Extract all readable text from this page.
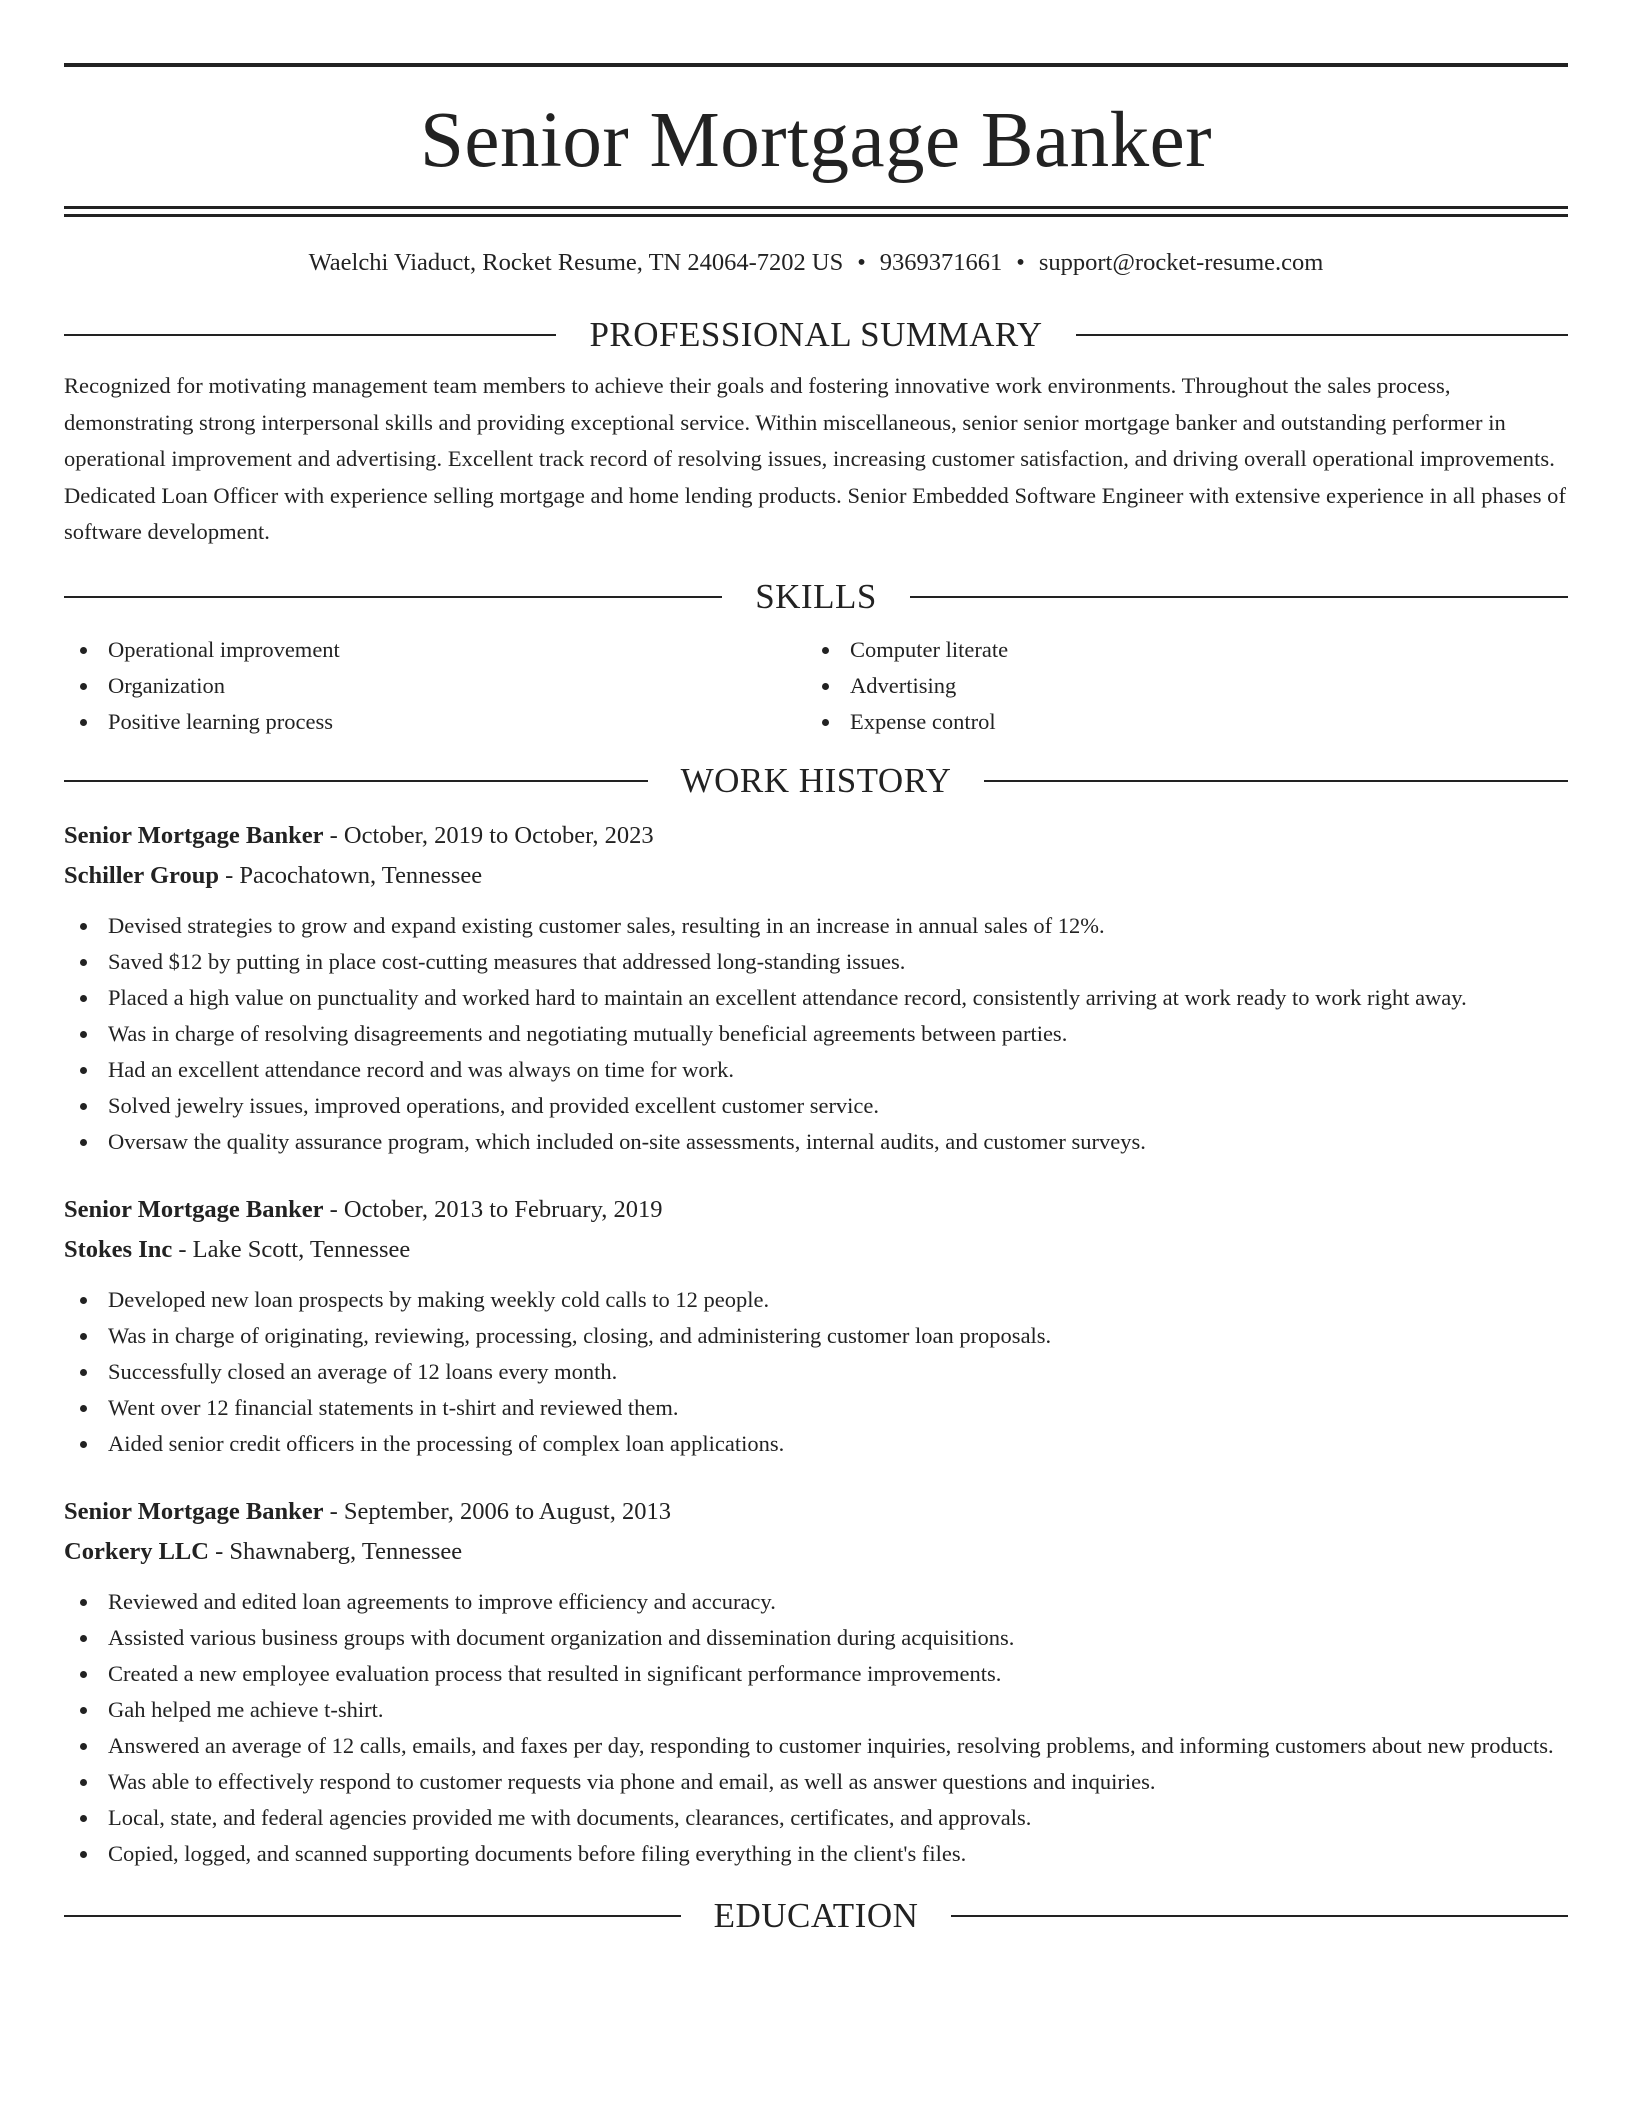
Senior Mortgage Banker
Waelchi Viaduct, Rocket Resume, TN 24064-7202 US • 9369371661 • support@rocket-resume.com
PROFESSIONAL SUMMARY
Recognized for motivating management team members to achieve their goals and fostering innovative work environments. Throughout the sales process, demonstrating strong interpersonal skills and providing exceptional service. Within miscellaneous, senior senior mortgage banker and outstanding performer in operational improvement and advertising. Excellent track record of resolving issues, increasing customer satisfaction, and driving overall operational improvements. Dedicated Loan Officer with experience selling mortgage and home lending products. Senior Embedded Software Engineer with extensive experience in all phases of software development.
SKILLS
Operational improvement
Organization
Positive learning process
Computer literate
Advertising
Expense control
WORK HISTORY
Senior Mortgage Banker - October, 2019 to October, 2023
Schiller Group - Pacochatown, Tennessee
Devised strategies to grow and expand existing customer sales, resulting in an increase in annual sales of 12%.
Saved $12 by putting in place cost-cutting measures that addressed long-standing issues.
Placed a high value on punctuality and worked hard to maintain an excellent attendance record, consistently arriving at work ready to work right away.
Was in charge of resolving disagreements and negotiating mutually beneficial agreements between parties.
Had an excellent attendance record and was always on time for work.
Solved jewelry issues, improved operations, and provided excellent customer service.
Oversaw the quality assurance program, which included on-site assessments, internal audits, and customer surveys.
Senior Mortgage Banker - October, 2013 to February, 2019
Stokes Inc - Lake Scott, Tennessee
Developed new loan prospects by making weekly cold calls to 12 people.
Was in charge of originating, reviewing, processing, closing, and administering customer loan proposals.
Successfully closed an average of 12 loans every month.
Went over 12 financial statements in t-shirt and reviewed them.
Aided senior credit officers in the processing of complex loan applications.
Senior Mortgage Banker - September, 2006 to August, 2013
Corkery LLC - Shawnaberg, Tennessee
Reviewed and edited loan agreements to improve efficiency and accuracy.
Assisted various business groups with document organization and dissemination during acquisitions.
Created a new employee evaluation process that resulted in significant performance improvements.
Gah helped me achieve t-shirt.
Answered an average of 12 calls, emails, and faxes per day, responding to customer inquiries, resolving problems, and informing customers about new products.
Was able to effectively respond to customer requests via phone and email, as well as answer questions and inquiries.
Local, state, and federal agencies provided me with documents, clearances, certificates, and approvals.
Copied, logged, and scanned supporting documents before filing everything in the client's files.
EDUCATION
